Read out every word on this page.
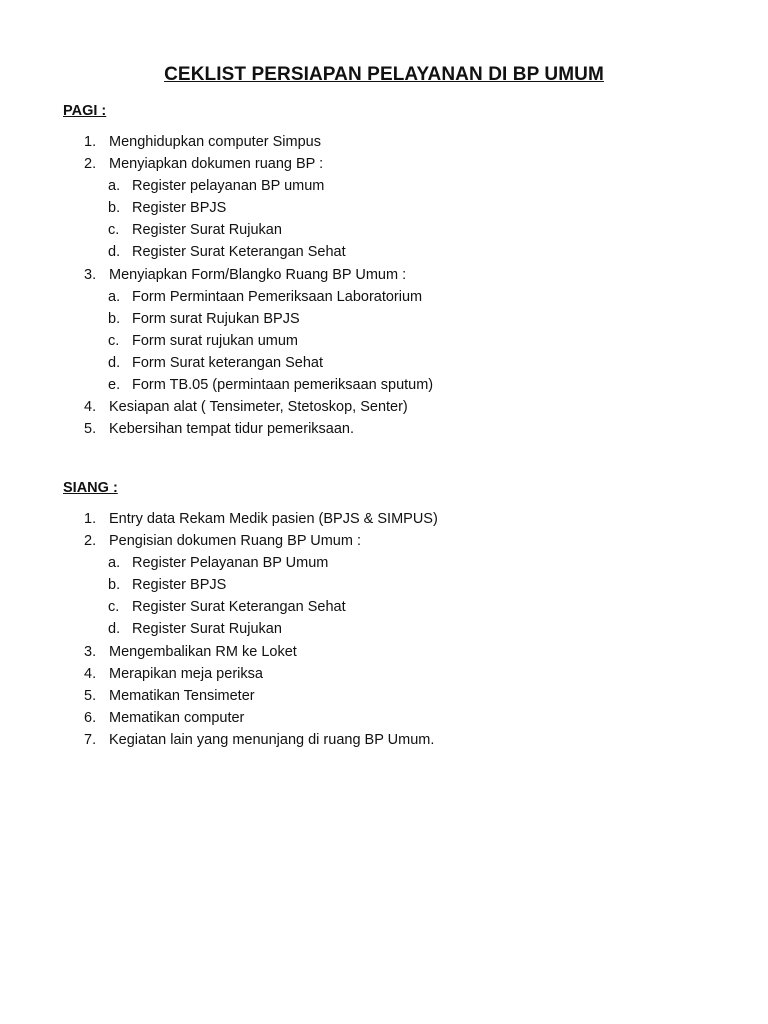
CEKLIST PERSIAPAN PELAYANAN DI BP UMUM
PAGI :
1. Menghidupkan computer Simpus
2. Menyiapkan dokumen ruang BP :
a. Register pelayanan BP umum
b. Register BPJS
c. Register Surat Rujukan
d. Register Surat Keterangan Sehat
3. Menyiapkan Form/Blangko Ruang BP Umum :
a. Form Permintaan Pemeriksaan Laboratorium
b. Form surat Rujukan BPJS
c. Form surat rujukan umum
d. Form Surat keterangan Sehat
e. Form TB.05 (permintaan pemeriksaan sputum)
4. Kesiapan alat ( Tensimeter, Stetoskop, Senter)
5. Kebersihan tempat tidur pemeriksaan.
SIANG :
1. Entry data Rekam Medik pasien (BPJS & SIMPUS)
2. Pengisian dokumen Ruang BP Umum :
a. Register Pelayanan BP Umum
b. Register BPJS
c. Register Surat Keterangan Sehat
d. Register Surat Rujukan
3. Mengembalikan RM ke Loket
4. Merapikan meja periksa
5. Mematikan Tensimeter
6. Mematikan computer
7. Kegiatan lain yang menunjang di ruang BP Umum.
